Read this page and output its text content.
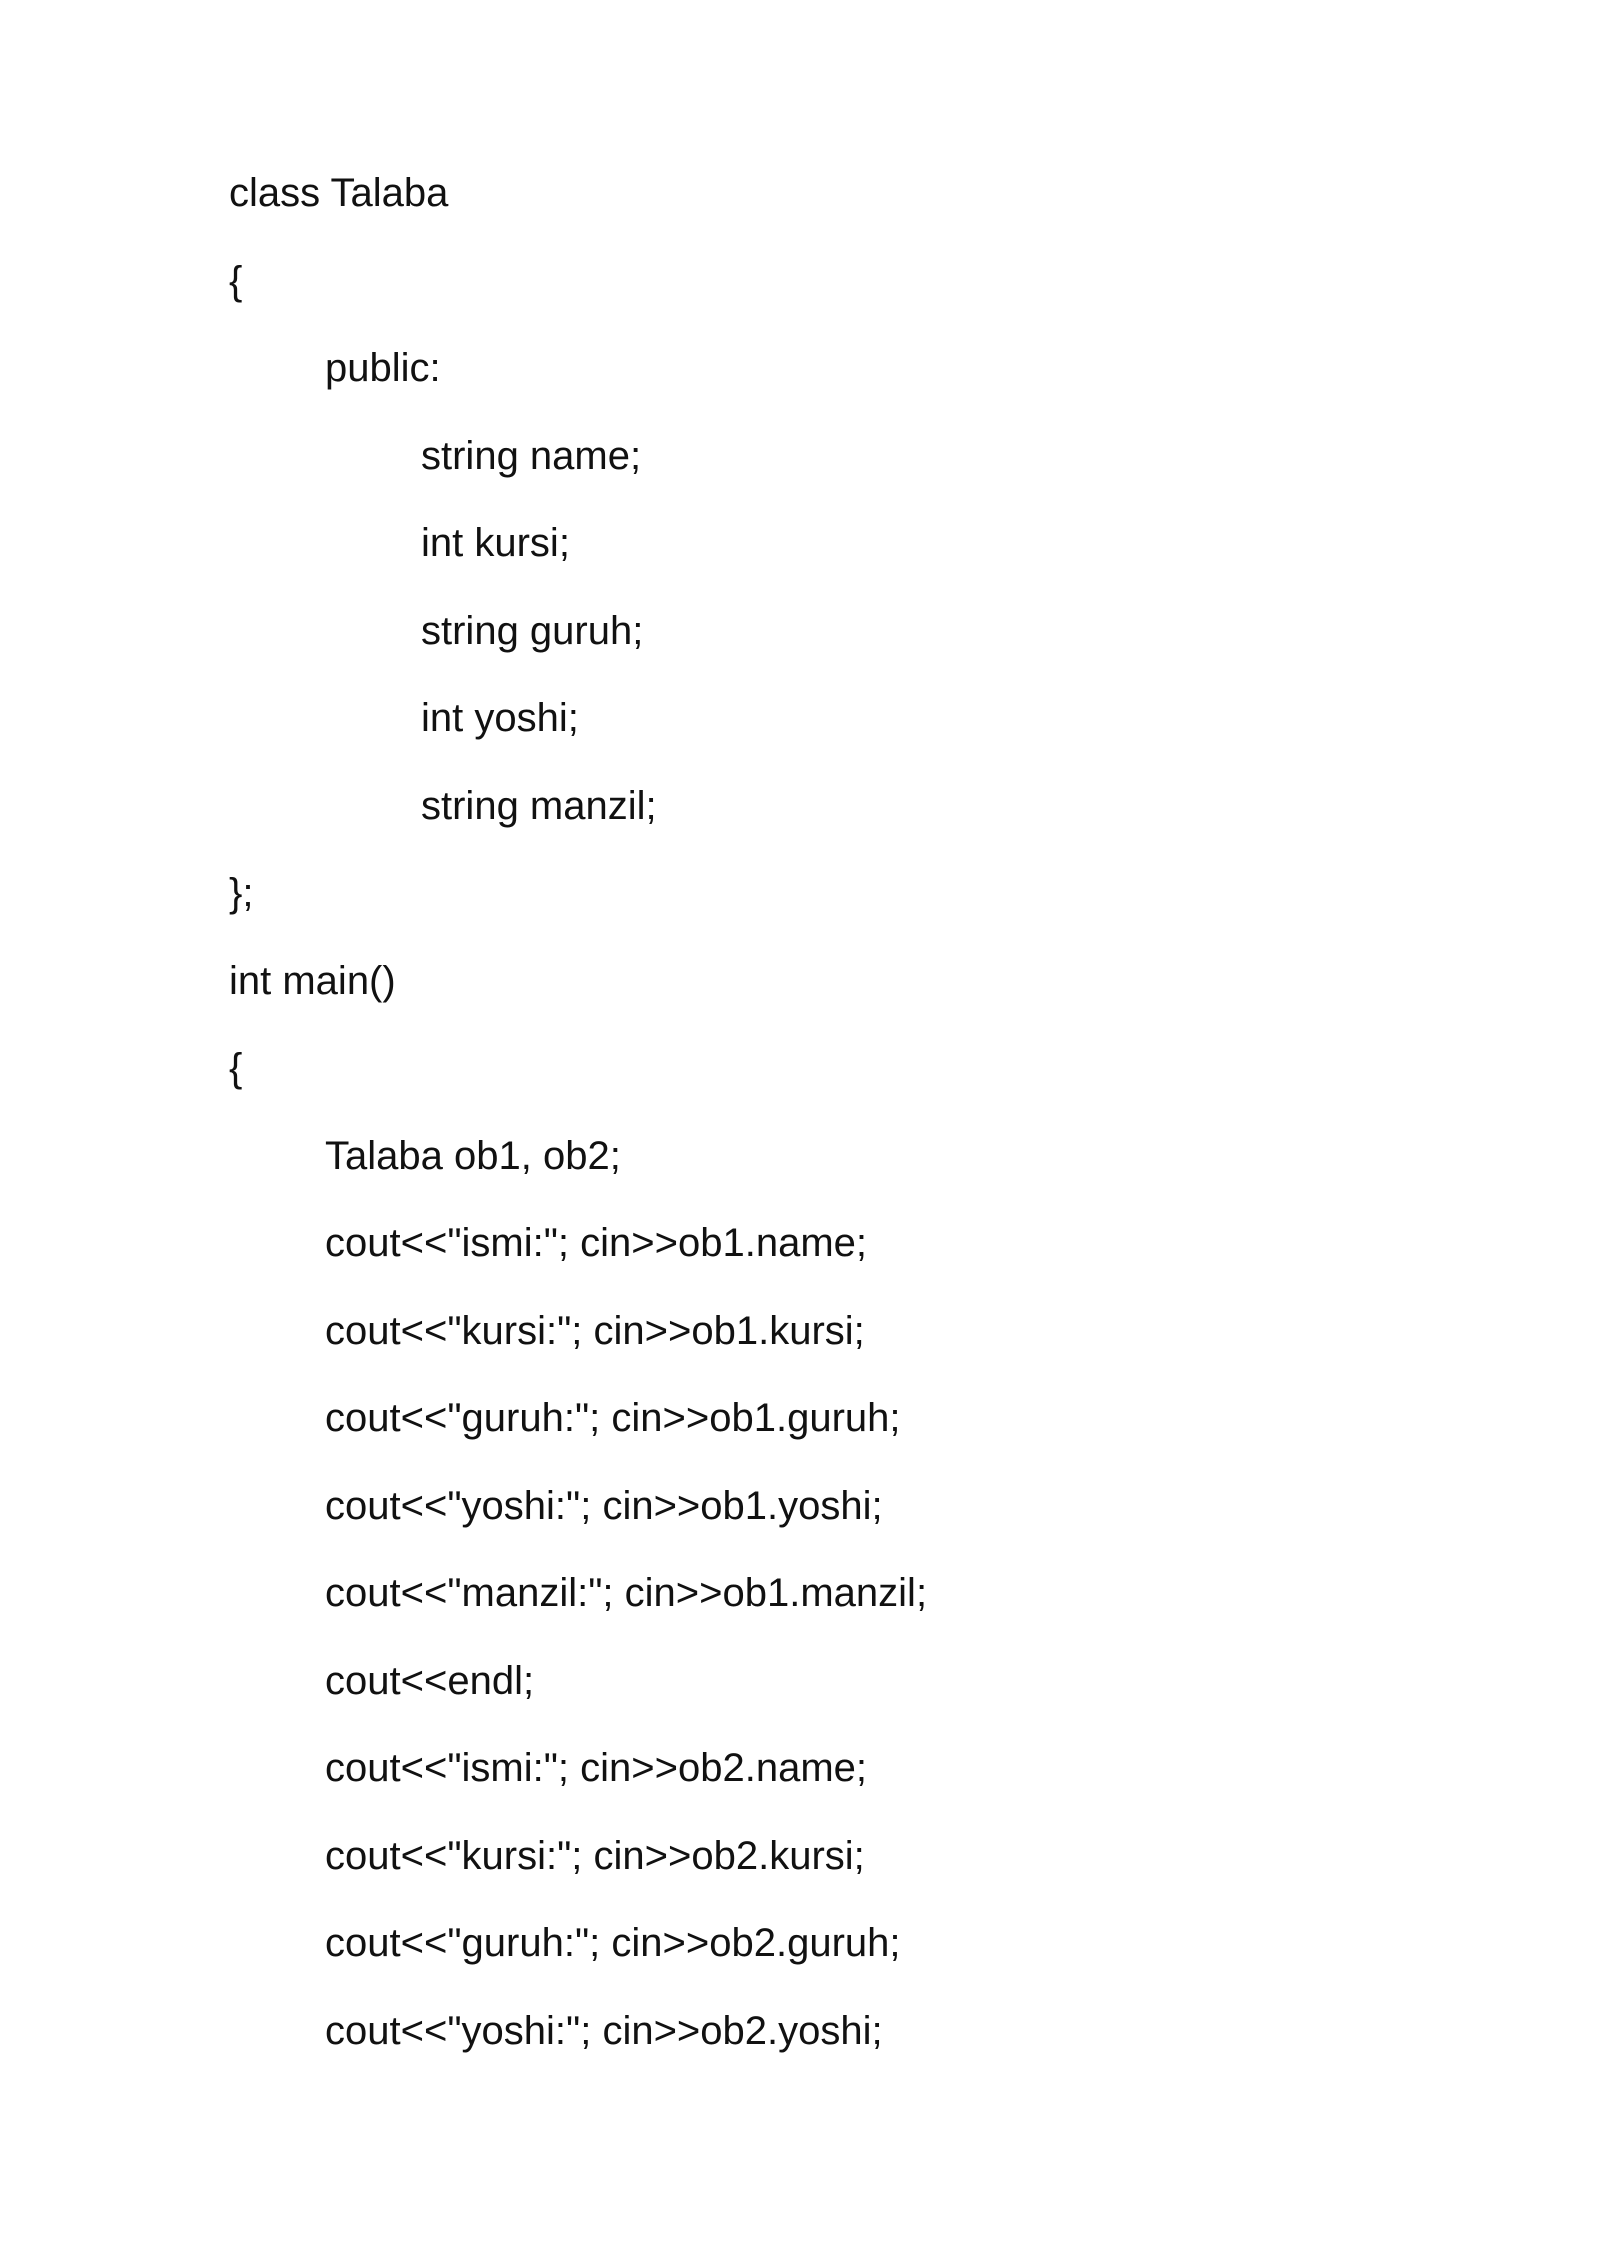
class Talaba
{
public:
string name;
int kursi;
string guruh;
int yoshi;
string manzil;
};
int main()
{
Talaba ob1, ob2;
cout<<"ismi:"; cin>>ob1.name;
cout<<"kursi:"; cin>>ob1.kursi;
cout<<"guruh:"; cin>>ob1.guruh;
cout<<"yoshi:"; cin>>ob1.yoshi;
cout<<"manzil:"; cin>>ob1.manzil;
cout<<endl;
cout<<"ismi:"; cin>>ob2.name;
cout<<"kursi:"; cin>>ob2.kursi;
cout<<"guruh:"; cin>>ob2.guruh;
cout<<"yoshi:"; cin>>ob2.yoshi;
